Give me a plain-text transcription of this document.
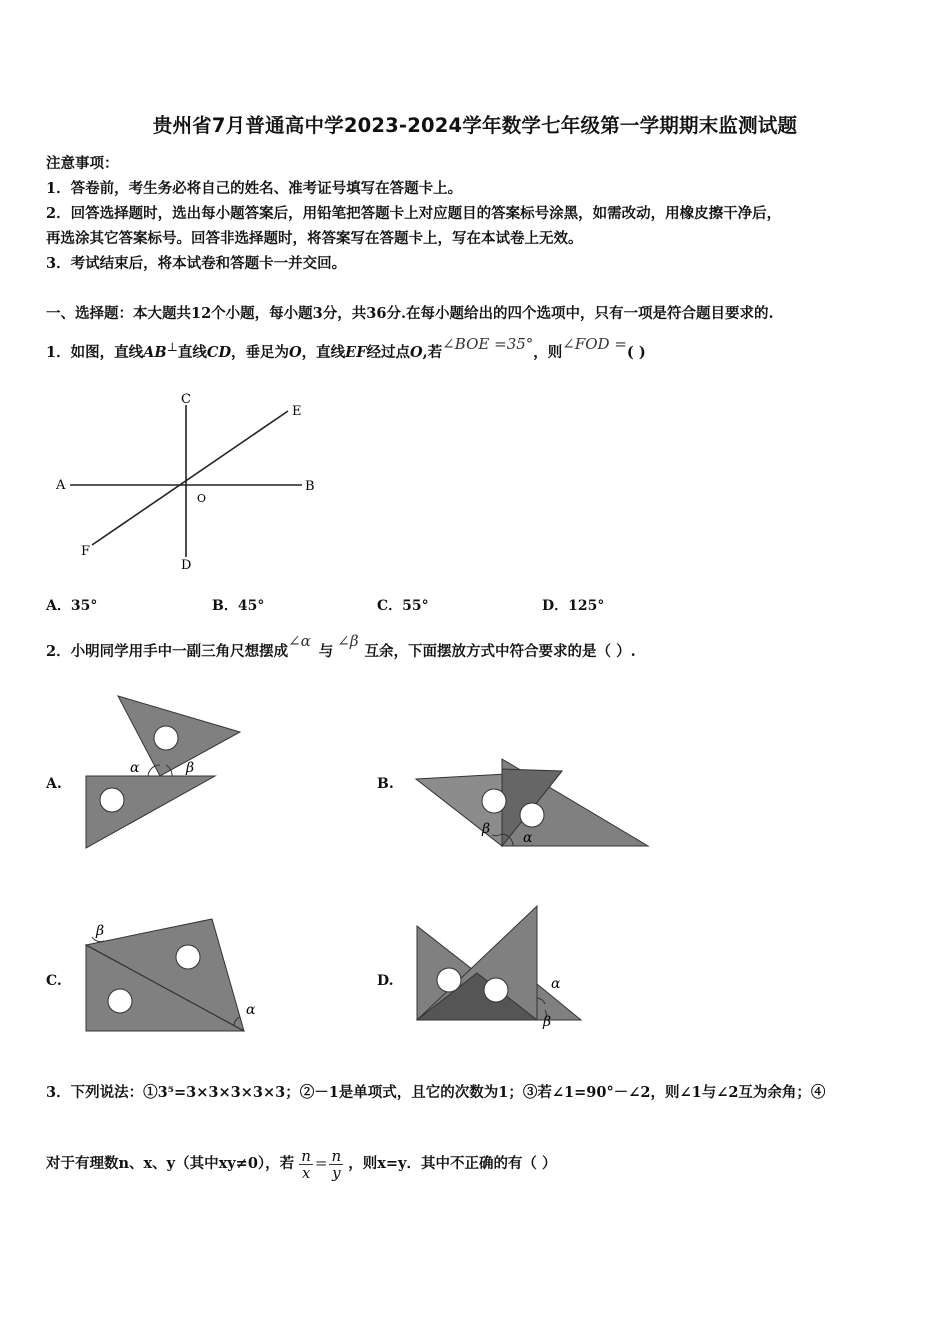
贵州省7月普通高中学2023-2024学年数学七年级第一学期期末监测试题
注意事项：
1．答卷前，考生务必将自己的姓名、准考证号填写在答题卡上。
2．回答选择题时，选出每小题答案后，用铅笔把答题卡上对应题目的答案标号涂黑，如需改动，用橡皮擦干净后，
再选涂其它答案标号。回答非选择题时，将答案写在答题卡上，写在本试卷上无效。
3．考试结束后，将本试卷和答题卡一并交回。
一、选择题：本大题共12个小题，每小题3分，共36分.在每小题给出的四个选项中，只有一项是符合题目要求的.
1．如图，直线AB⊥直线CD，垂足为O，直线EF经过点O,若∠BOE =35°，则∠FOD =( )
C
E
A	B
O
F
D
A．35°	B．45°	C．55°	D．125°
2．小明同学用手中一副三角尺想摆成∠α与∠β互余，下面摆放方式中符合要求的是（ ）.
A.
α	β
B.
β
α
C.
β
α
D.	α
β
3．下列说法：①3⁵=3×3×3×3×3；②－1是单项式，且它的次数为1；③若∠1=90°－∠2，则∠1与∠2互为余角；④
对于有理数n、x、y（其中xy≠0），若 $\frac{n}{x} = \frac{n}{y}$ ，则x=y．其中不正确的有（ ）
